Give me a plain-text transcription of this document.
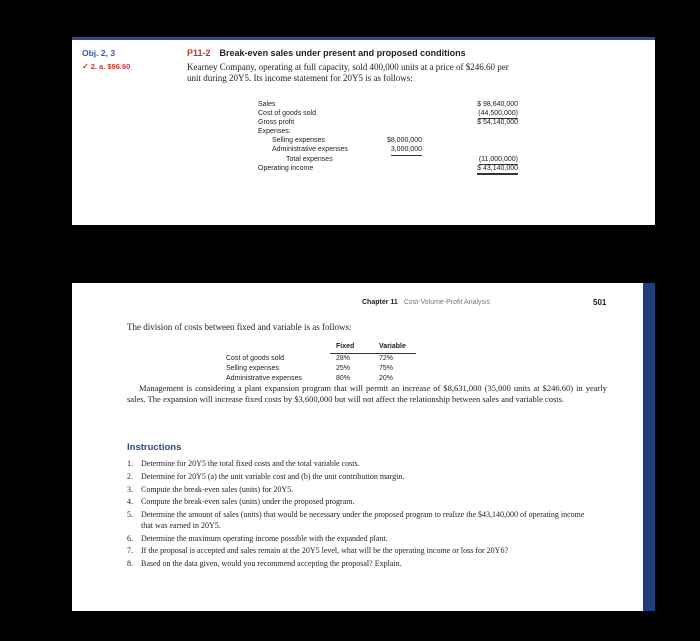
Obj. 2, 3
✓ 2. a. $96.60
P11-2 Break-even sales under present and proposed conditions
Kearney Company, operating at full capacity, sold 400,000 units at a price of $246.60 per
unit during 20Y5. Its income statement for 20Y5 is as follows:
Sales	$ 98,640,000
Cost of goods sold	(44,500,000)
Gross profit	$ 54,140,000
Expenses:
Selling expenses	$8,000,000
Administrative expenses	3,000,000
Total expenses	(11,000,000)
Operating income	$ 43,140,000
Chapter 11 Cost-Volume-Profit Analysis	501
The division of costs between fixed and variable is as follows:
Fixed	Variable
Cost of goods sold	28%	72%
Selling expenses	25%	75%
Administrative expenses	80%	20%
Management is considering a plant expansion program that will permit an increase of $8,631,000 (35,000 units at $246.60) in yearly sales. The expansion will increase fixed costs by $3,600,000 but will not affect the relationship between sales and variable costs.
Instructions
1. Determine for 20Y5 the total fixed costs and the total variable costs.
2. Determine for 20Y5 (a) the unit variable cost and (b) the unit contribution margin.
3. Compute the break-even sales (units) for 20Y5.
4. Compute the break-even sales (units) under the proposed program.
5. Determine the amount of sales (units) that would be necessary under the proposed program to realize the $43,140,000 of operating income that was earned in 20Y5.
6. Determine the maximum operating income possible with the expanded plant.
7. If the proposal is accepted and sales remain at the 20Y5 level, what will be the operating income or loss for 20Y6?
8. Based on the data given, would you recommend accepting the proposal? Explain.
